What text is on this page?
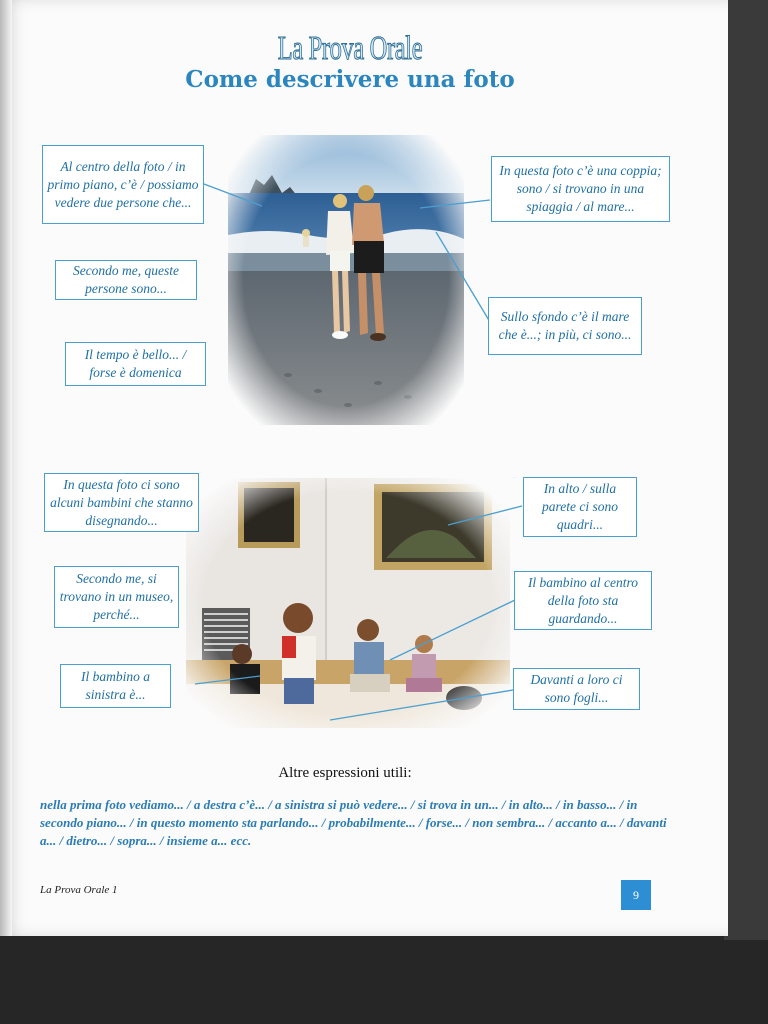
La Prova Orale
Come descrivere una foto
Al centro della foto / in primo piano, c’è / possiamo vedere due persone che...
Secondo me, queste persone sono...
Il tempo è bello... / forse è domenica
In questa foto c’è una coppia; sono / si trovano in una spiaggia / al mare...
Sullo sfondo c’è il mare che è...; in più, ci sono...
In questa foto ci sono alcuni bambini che stanno disegnando...
Secondo me, si trovano in un museo, perché...
Il bambino a sinistra è...
In alto / sulla parete ci sono quadri...
Il bambino al centro della foto sta guardando...
Davanti a loro ci sono fogli...
Altre espressioni utili:
nella prima foto vediamo... / a destra c’è... / a sinistra si può vedere... / si trova in un... / in alto... / in basso... / in secondo piano... / in questo momento sta parlando... / probabilmente... / forse... / non sembra... / accanto a... / davanti a... / dietro... / sopra... / insieme a... ecc.
La Prova Orale 1	9
